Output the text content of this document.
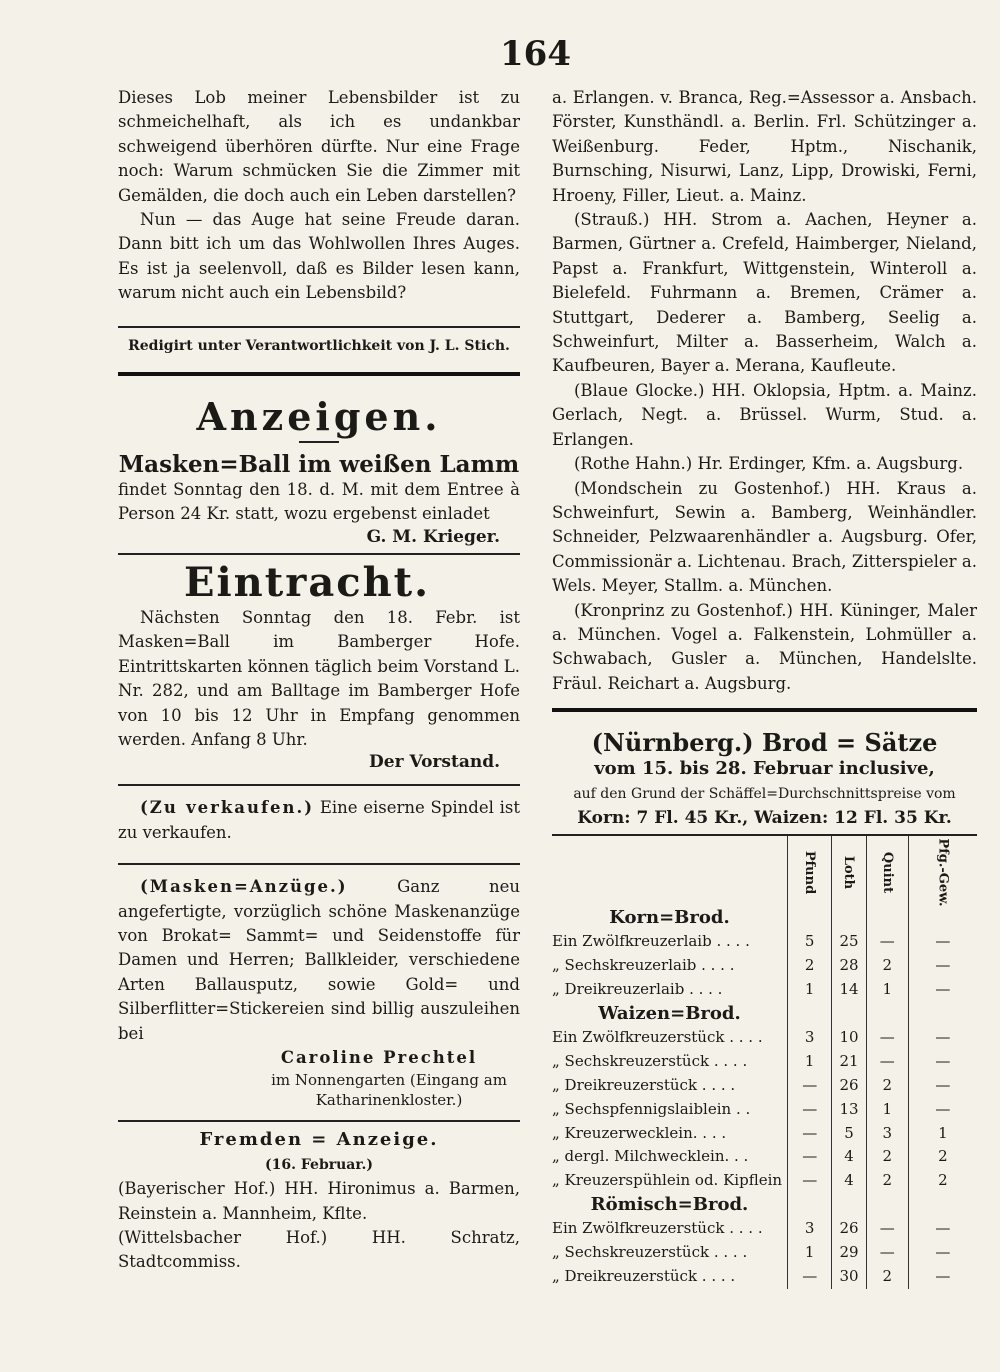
164

Dieses Lob meiner Lebensbilder ist zu schmeichelhaft, als ich es undankbar schweigend überhören dürfte. Nur eine Frage noch: Warum schmücken Sie die Zimmer mit Gemälden, die doch auch ein Leben darstellen?

Nun — das Auge hat seine Freude daran. Dann bitt ich um das Wohlwollen Ihres Auges. Es ist ja seelenvoll, daß es Bilder lesen kann, warum nicht auch ein Lebensbild?

Redigirt unter Verantwortlichkeit von J. L. Stich.

Anzeigen.

Masken=Ball im weißen Lamm

findet Sonntag den 18. d. M. mit dem Entree à Person 24 Kr. statt, wozu ergebenst einladet

G. M. Krieger.

Eintracht.

Nächsten Sonntag den 18. Febr. ist Masken=Ball im Bamberger Hofe. Eintrittskarten können täglich beim Vorstand L. Nr. 282, und am Balltage im Bamberger Hofe von 10 bis 12 Uhr in Empfang genommen werden. Anfang 8 Uhr.

Der Vorstand.

(Zu verkaufen.) Eine eiserne Spindel ist zu verkaufen.

(Masken=Anzüge.)	Ganz neu angefertigte, vorzüglich schöne Maskenanzüge von Brokat= Sammt= und Seidenstoffe für Damen und Herren; Ballkleider, verschiedene Arten Ballausputz, sowie Gold= und Silberflitter=Stickereien sind billig auszuleihen bei

Caroline Prechtel

im Nonnengarten (Eingang am Katharinenkloster.)

Fremden = Anzeige.

(16. Februar.)

(Bayerischer Hof.) HH. Hironimus a. Barmen, Reinstein a. Mannheim, Kflte.

(Wittelsbacher Hof.) HH. Schratz, Stadtcommiss.

a. Erlangen. v. Branca, Reg.=Assessor a. Ansbach. Förster, Kunsthändl. a. Berlin. Frl. Schützinger a. Weißenburg. Feder, Hptm., Nischanik, Burnsching, Nisurwi, Lanz, Lipp, Drowiski, Ferni, Hroeny, Filler, Lieut. a. Mainz.

(Strauß.) HH. Strom a. Aachen, Heyner a. Barmen, Gürtner a. Crefeld, Haimberger, Nieland, Papst a. Frankfurt, Wittgenstein, Winteroll a. Bielefeld. Fuhrmann a. Bremen, Crämer a. Stuttgart, Dederer a. Bamberg, Seelig a. Schweinfurt, Milter a. Basserheim, Walch a. Kaufbeuren, Bayer a. Merana, Kaufleute.

(Blaue Glocke.) HH. Oklopsia, Hptm. a. Mainz. Gerlach, Negt. a. Brüssel. Wurm, Stud. a. Erlangen.

(Rothe Hahn.) Hr. Erdinger, Kfm. a. Augsburg.

(Mondschein zu Gostenhof.) HH. Kraus a. Schweinfurt, Sewin a. Bamberg, Weinhändler. Schneider, Pelzwaarenhändler a. Augsburg. Ofer, Commissionär a. Lichtenau. Brach, Zitterspieler a. Wels. Meyer, Stallm. a. München.

(Kronprinz zu Gostenhof.) HH. Küninger, Maler a. München. Vogel a. Falkenstein, Lohmüller a. Schwabach, Gusler a. München, Handelsltе. Fräul. Reichart a. Augsburg.

(Nürnberg.) Brod = Sätze

vom 15. bis 28. Februar inclusive,

auf den Grund der Schäffel=Durchschnittspreise vom

Korn: 7 Fl. 45 Kr., Waizen: 12 Fl. 35 Kr.

	Pfund	Loth	Quint	Pfg.-Gew.
Korn=Brod.				
Ein Zwölfkreuzerlaib . . . .	5	25	—	—
„ Sechskreuzerlaib . . . .	2	28	2	—
„ Dreikreuzerlaib . . . .	1	14	1	—
Waizen=Brod.				
Ein Zwölfkreuzerstück . . . .	3	10	—	—
„ Sechskreuzerstück . . . .	1	21	—	—
„ Dreikreuzerstück . . . .	—	26	2	—
„ Sechspfennigslaiblein . .	—	13	1	—
„ Kreuzerwecklein. . . .	—	5	3	1
„ dergl. Milchwecklein. . .	—	4	2	2
„ Kreuzerspühlein od. Kipflein	—	4	2	2
Römisch=Brod.				
Ein Zwölfkreuzerstück . . . .	3	26	—	—
„ Sechskreuzerstück . . . .	1	29	—	—
„ Dreikreuzerstück . . . .	—	30	2	—
